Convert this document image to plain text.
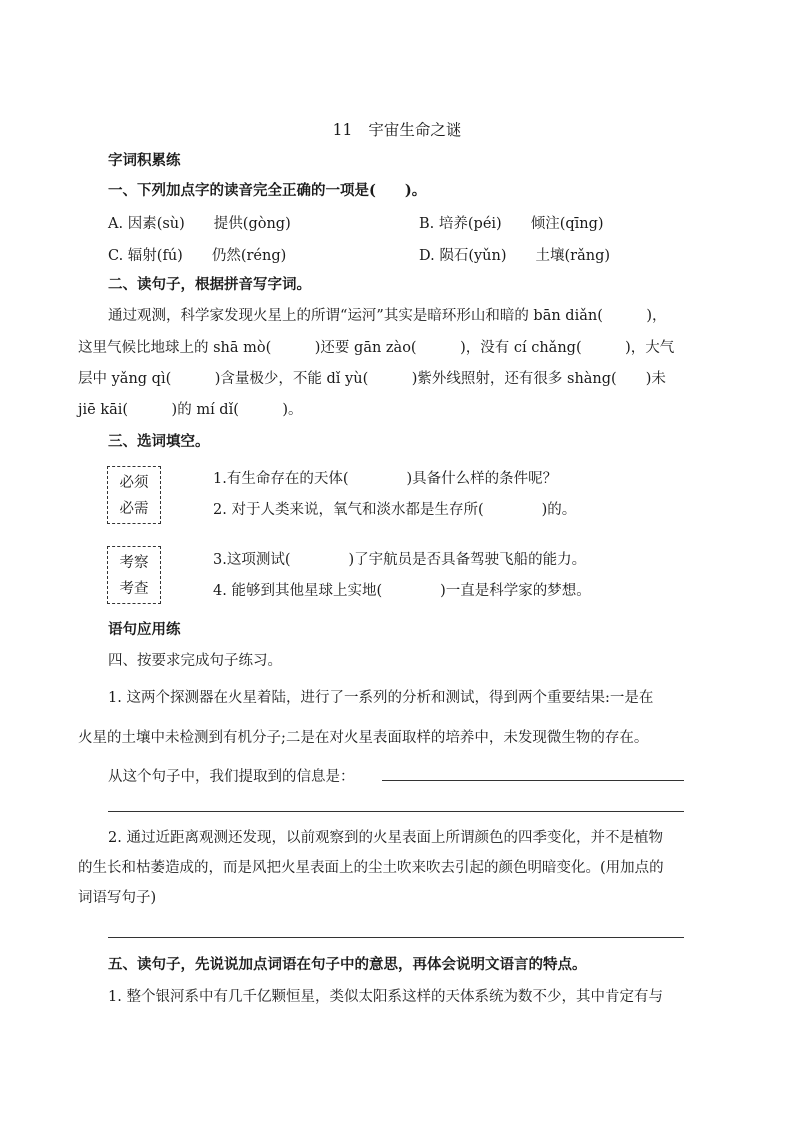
11 宇宙生命之谜
字词积累练
一、下列加点字的读音完全正确的一项是(　　)。
A. 因素(sù)　　提供(gòng)	B. 培养(péi)　　倾注(qīng)
C. 辐射(fú)　　仍然(réng)	D. 陨石(yǔn)　　土壤(rǎng)
二、读句子，根据拼音写字词。
通过观测，科学家发现火星上的所谓“运河”其实是暗环形山和暗的 bān diǎn(　　　)，
这里气候比地球上的 shā mò(　　　)还要 gān zào(　　　)，没有 cí chǎng(　　　)，大气
层中 yǎng qì(　　　)含量极少，不能 dǐ yù(　　　)紫外线照射，还有很多 shàng(　　)未
jiē kāi(　　　)的 mí dǐ(　　　)。
三、选词填空。
必须
必需
1.有生命存在的天体(　　　　)具备什么样的条件呢？
2. 对于人类来说，氧气和淡水都是生存所(　　　　)的。
考察
考查
3.这项测试(　　　　)了宇航员是否具备驾驶飞船的能力。
4. 能够到其他星球上实地(　　　　)一直是科学家的梦想。
语句应用练
四、按要求完成句子练习。
1. 这两个探测器在火星着陆，进行了一系列的分析和测试，得到两个重要结果:一是在
火星的土壤中未检测到有机分子;二是在对火星表面取样的培养中，未发现微生物的存在。
从这个句子中，我们提取到的信息是：
2. 通过近距离观测还发现，以前观察到的火星表面上所谓颜色的四季变化，并不是植物
的生长和枯萎造成的，而是风把火星表面上的尘土吹来吹去引起的颜色明暗变化。(用加点的
词语写句子)
五、读句子，先说说加点词语在句子中的意思，再体会说明文语言的特点。
1. 整个银河系中有几千亿颗恒星，类似太阳系这样的天体系统为数不少，其中肯定有与
